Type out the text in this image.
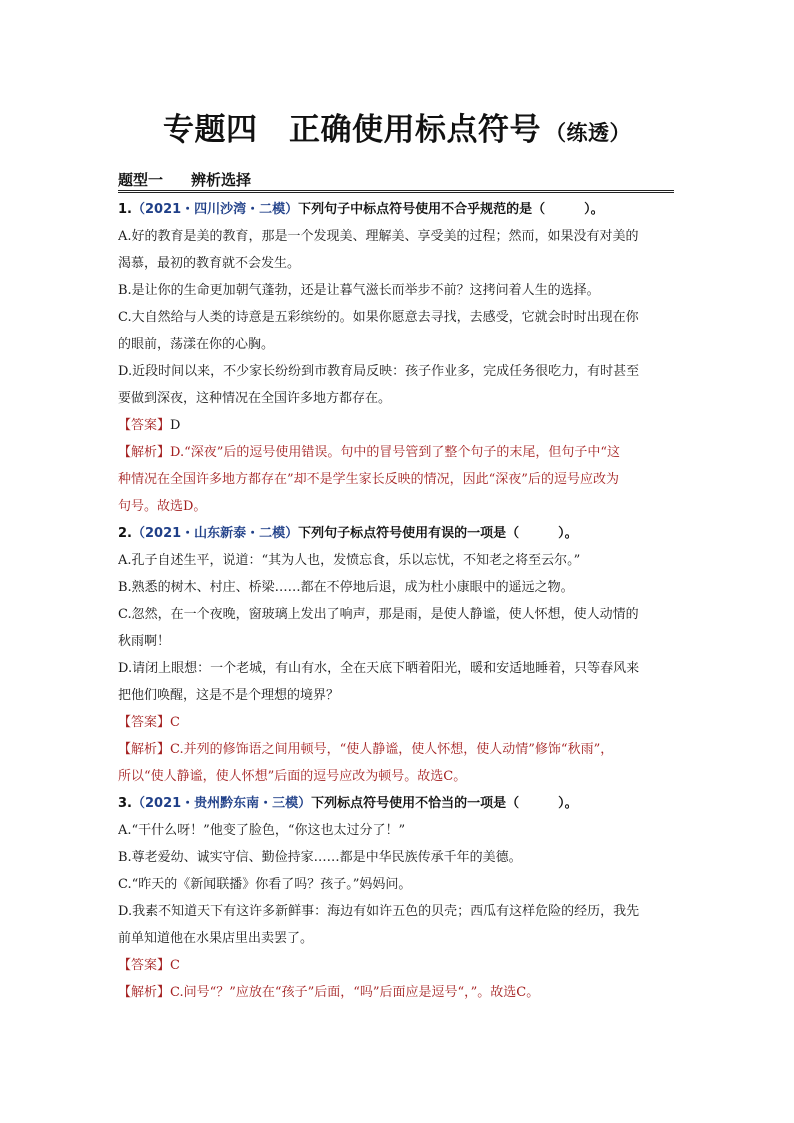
专题四　正确使用标点符号 （练透）
题型一 辨析选择
1.（2021・四川沙湾・二模）下列句子中标点符号使用不合乎规范的是（　　　）。
A.好的教育是美的教育，那是一个发现美、理解美、享受美的过程；然而，如果没有对美的
渴慕，最初的教育就不会发生。
B.是让你的生命更加朝气蓬勃，还是让暮气滋长而举步不前？这拷问着人生的选择。
C.大自然给与人类的诗意是五彩缤纷的。如果你愿意去寻找，去感受，它就会时时出现在你
的眼前，荡漾在你的心胸。
D.近段时间以来，不少家长纷纷到市教育局反映：孩子作业多，完成任务很吃力，有时甚至
要做到深夜，这种情况在全国许多地方都存在。
【答案】D
【解析】D.“深夜”后的逗号使用错误。句中的冒号管到了整个句子的末尾，但句子中“这
种情况在全国许多地方都存在”却不是学生家长反映的情况，因此“深夜”后的逗号应改为
句号。故选D。
2.（2021・山东新泰・二模）下列句子标点符号使用有误的一项是（　　　）。
A.孔子自述生平，说道：“其为人也，发愤忘食，乐以忘忧，不知老之将至云尔。”
B.熟悉的树木、村庄、桥梁……都在不停地后退，成为杜小康眼中的遥远之物。
C.忽然，在一个夜晚，窗玻璃上发出了响声，那是雨，是使人静谧，使人怀想，使人动情的
秋雨啊！
D.请闭上眼想：一个老城，有山有水，全在天底下晒着阳光，暖和安适地睡着，只等春风来
把他们唤醒，这是不是个理想的境界？
【答案】C
【解析】C.并列的修饰语之间用顿号，“使人静谧，使人怀想，使人动情”修饰“秋雨”，
所以“使人静谧，使人怀想”后面的逗号应改为顿号。故选C。
3.（2021・贵州黔东南・三模）下列标点符号使用不恰当的一项是（　　　）。
A.“干什么呀！”他变了脸色，“你这也太过分了！”
B.尊老爱幼、诚实守信、勤俭持家……都是中华民族传承千年的美德。
C.“昨天的《新闻联播》你看了吗？孩子。”妈妈问。
D.我素不知道天下有这许多新鲜事：海边有如许五色的贝壳；西瓜有这样危险的经历，我先
前单知道他在水果店里出卖罢了。
【答案】C
【解析】C.问号“？”应放在“孩子”后面，“吗”后面应是逗号“，”。故选C。
